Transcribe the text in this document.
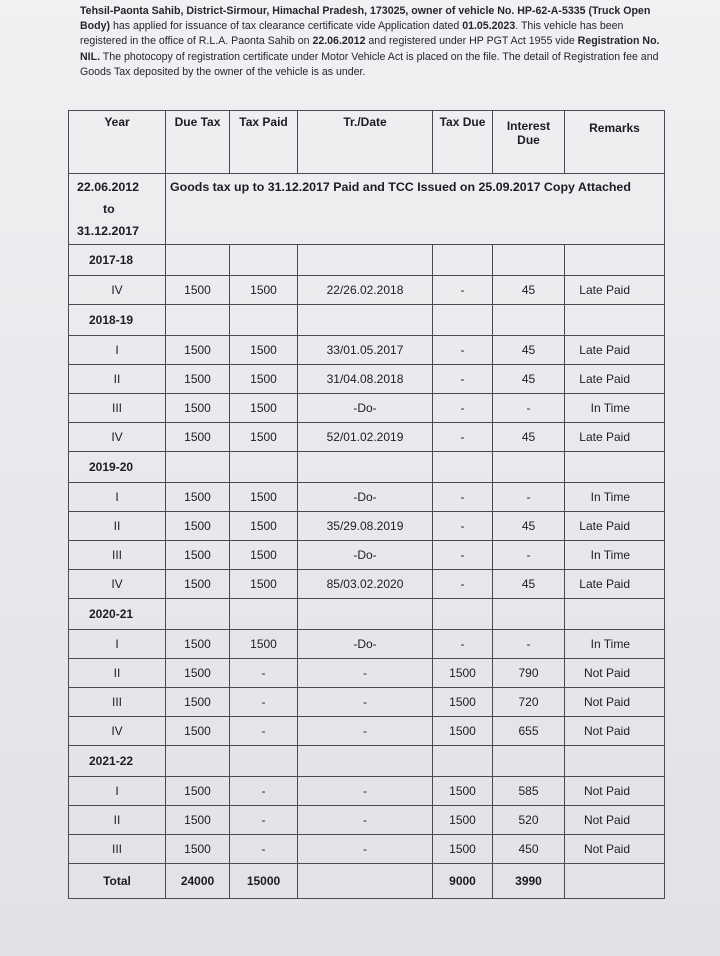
Tehsil-Paonta Sahib, District-Sirmour, Himachal Pradesh, 173025, owner of vehicle No. HP-62-A-5335 (Truck Open Body) has applied for issuance of tax clearance certificate vide Application dated 01.05.2023. This vehicle has been registered in the office of R.L.A. Paonta Sahib on 22.06.2012 and registered under HP PGT Act 1955 vide Registration No. NIL. The photocopy of registration certificate under Motor Vehicle Act is placed on the file. The detail of Registration fee and Goods Tax deposited by the owner of the vehicle is as under.

Year	Due Tax	Tax Paid	Tr./Date	Tax Due	Interest Due	Remarks

22.06.2012
to
31.12.2017	Goods tax up to 31.12.2017 Paid and TCC Issued on 25.09.2017 Copy Attached					
2017-18						
IV	1500	1500	22/26.02.2018	-	45	Late Paid
2018-19						
I	1500	1500	33/01.05.2017	-	45	Late Paid
II	1500	1500	31/04.08.2018	-	45	Late Paid
III	1500	1500	-Do-	-	-	In Time
IV	1500	1500	52/01.02.2019	-	45	Late Paid
2019-20						
I	1500	1500	-Do-	-	-	In Time
II	1500	1500	35/29.08.2019	-	45	Late Paid
III	1500	1500	-Do-	-	-	In Time
IV	1500	1500	85/03.02.2020	-	45	Late Paid
2020-21						
I	1500	1500	-Do-	-	-	In Time
II	1500	-	-	1500	790	Not Paid
III	1500	-	-	1500	720	Not Paid
IV	1500	-	-	1500	655	Not Paid
2021-22						
I	1500	-	-	1500	585	Not Paid
II	1500	-	-	1500	520	Not Paid
III	1500	-	-	1500	450	Not Paid
Total	24000	15000		9000	3990	
